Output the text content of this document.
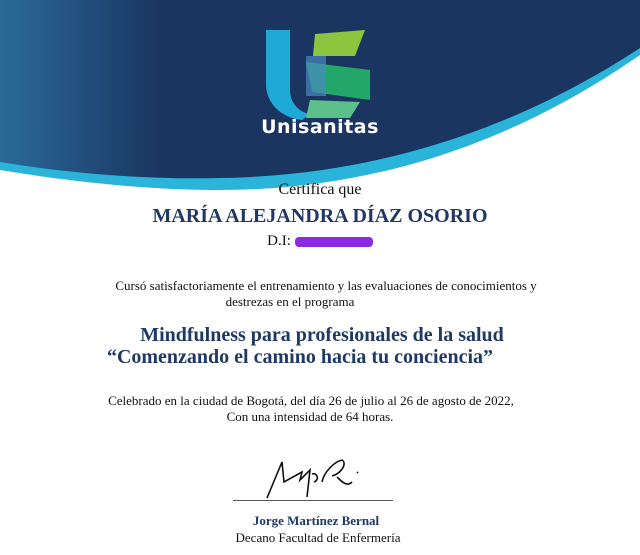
Unisanitas
Certifica que
MARÍA ALEJANDRA DÍAZ OSORIO
D.I:
Cursó satisfactoriamente el entrenamiento y las evaluaciones de conocimientos y
destrezas en el programa
Mindfulness para profesionales de la salud
“Comenzando el camino hacia tu conciencia”
Celebrado en la ciudad de Bogotá, del día 26 de julio al 26 de agosto de 2022,
Con una intensidad de 64 horas.
Jorge Martínez Bernal
Decano Facultad de Enfermería
